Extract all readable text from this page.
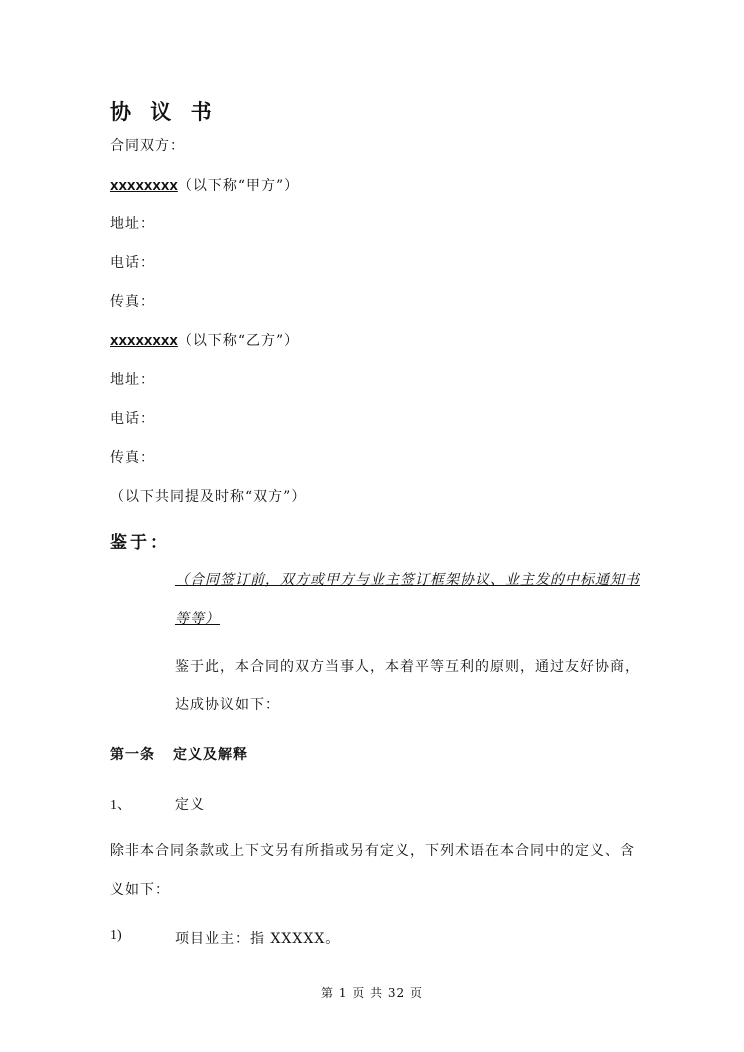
协 议 书
合同双方：
XXXXXXXX（以下称“甲方”）
地址：
电话：
传真：
XXXXXXXX（以下称“乙方”）
地址：
电话：
传真：
（以下共同提及时称“双方”）
鉴于：
（合同签订前，双方或甲方与业主签订框架协议、业主发的中标通知书
等等）
鉴于此，本合同的双方当事人，本着平等互利的原则，通过友好协商，
达成协议如下：
第一条 定义及解释
1、	定义
除非本合同条款或上下文另有所指或另有定义，下列术语在本合同中的定义、含
义如下：
1)	项目业主：指 XXXXX。
第 1 页 共 32 页
